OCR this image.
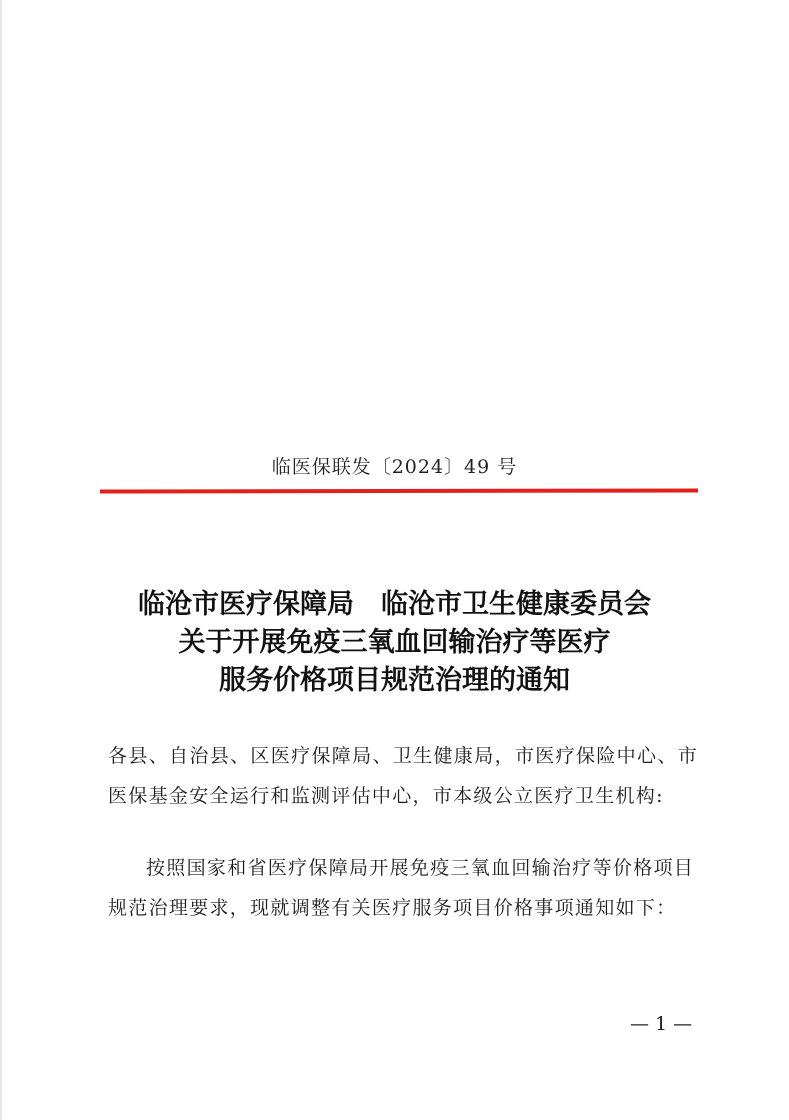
临医保联发〔2024〕49 号
临沧市医疗保障局　临沧市卫生健康委员会
关于开展免疫三氧血回输治疗等医疗
服务价格项目规范治理的通知
各县、自治县、区医疗保障局、卫生健康局，市医疗保险中心、市医保基金安全运行和监测评估中心，市本级公立医疗卫生机构:
按照国家和省医疗保障局开展免疫三氧血回输治疗等价格项目规范治理要求，现就调整有关医疗服务项目价格事项通知如下：
— 1 —
